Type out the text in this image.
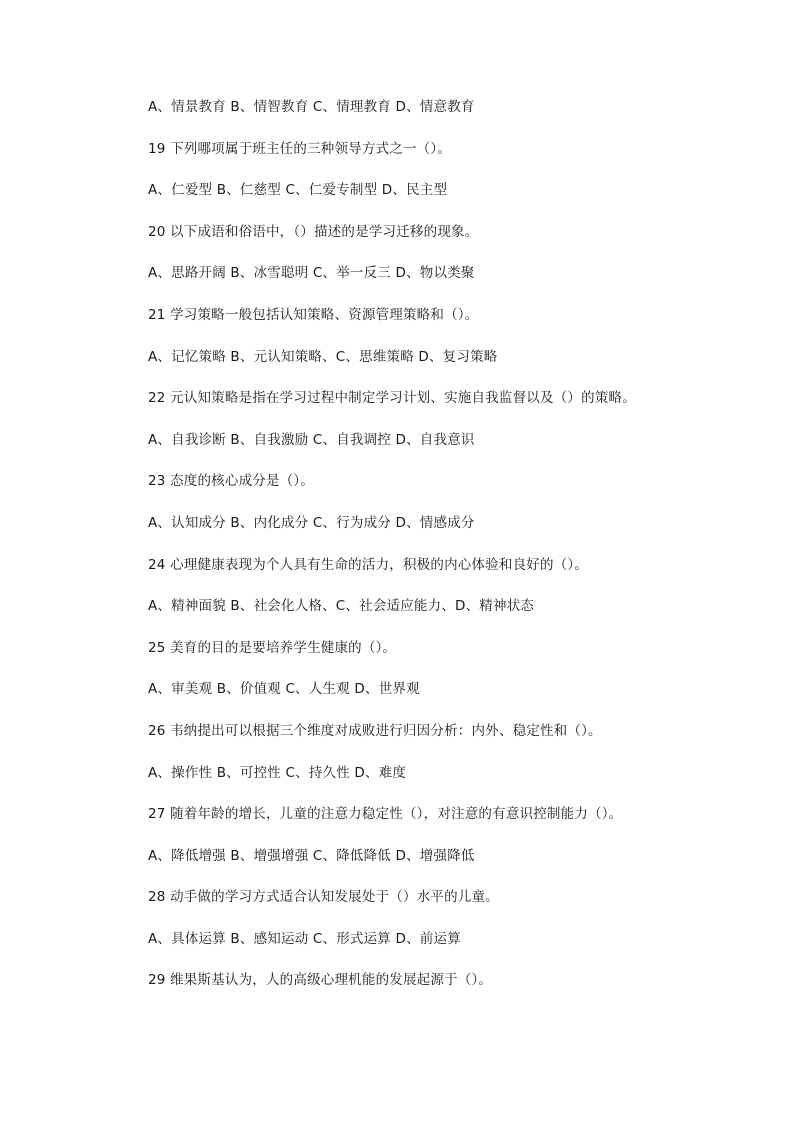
A、情景教育 B、情智教育 C、情理教育 D、情意教育
19 下列哪项属于班主任的三种领导方式之一（）。
A、仁爱型 B、仁慈型 C、仁爱专制型 D、民主型
20 以下成语和俗语中，（）描述的是学习迁移的现象。
A、思路开阔 B、冰雪聪明 C、举一反三 D、物以类聚
21 学习策略一般包括认知策略、资源管理策略和（）。
A、记忆策略 B、元认知策略、C、思维策略 D、复习策略
22 元认知策略是指在学习过程中制定学习计划、实施自我监督以及（）的策略。
A、自我诊断 B、自我激励 C、自我调控 D、自我意识
23 态度的核心成分是（）。
A、认知成分 B、内化成分 C、行为成分 D、情感成分
24 心理健康表现为个人具有生命的活力，积极的内心体验和良好的（）。
A、精神面貌 B、社会化人格、C、社会适应能力、D、精神状态
25 美育的目的是要培养学生健康的（）。
A、审美观 B、价值观 C、人生观 D、世界观
26 韦纳提出可以根据三个维度对成败进行归因分析：内外、稳定性和（）。
A、操作性 B、可控性 C、持久性 D、难度
27 随着年龄的增长，儿童的注意力稳定性（），对注意的有意识控制能力（）。
A、降低增强 B、增强增强 C、降低降低 D、增强降低
28 动手做的学习方式适合认知发展处于（）水平的儿童。
A、具体运算 B、感知运动 C、形式运算 D、前运算
29 维果斯基认为，人的高级心理机能的发展起源于（）。
